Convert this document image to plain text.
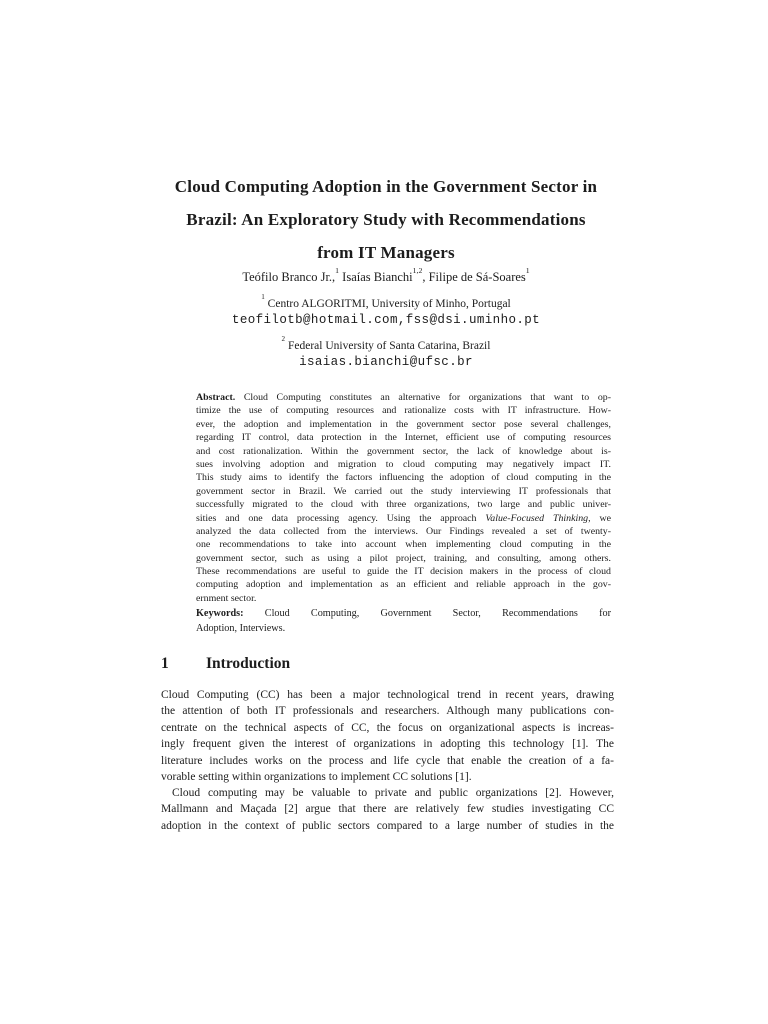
Cloud Computing Adoption in the Government Sector in
Brazil: An Exploratory Study with Recommendations
from IT Managers
Teófilo Branco Jr.,$^1$ Isaías Bianchi$^{1,2}$, Filipe de Sá-Soares$^1$
$^1$ Centro ALGORITMI, University of Minho, Portugal
teofilotb@hotmail.com,fss@dsi.uminho.pt
$^2$ Federal University of Santa Catarina, Brazil
isaias.bianchi@ufsc.br
Abstract. Cloud Computing constitutes an alternative for organizations that want to op-
timize the use of computing resources and rationalize costs with IT infrastructure. How-
ever, the adoption and implementation in the government sector pose several challenges,
regarding IT control, data protection in the Internet, efficient use of computing resources
and cost rationalization. Within the government sector, the lack of knowledge about is-
sues involving adoption and migration to cloud computing may negatively impact IT.
This study aims to identify the factors influencing the adoption of cloud computing in the
government sector in Brazil. We carried out the study interviewing IT professionals that
successfully migrated to the cloud with three organizations, two large and public univer-
sities and one data processing agency. Using the approach Value-Focused Thinking, we
analyzed the data collected from the interviews. Our Findings revealed a set of twenty-
one recommendations to take into account when implementing cloud computing in the
government sector, such as using a pilot project, training, and consulting, among others.
These recommendations are useful to guide the IT decision makers in the process of cloud
computing adoption and implementation as an efficient and reliable approach in the gov-
ernment sector.
Keywords: Cloud Computing, Government Sector, Recommendations for
Adoption, Interviews.
1 Introduction
Cloud Computing (CC) has been a major technological trend in recent years, drawing
the attention of both IT professionals and researchers. Although many publications con-
centrate on the technical aspects of CC, the focus on organizational aspects is increas-
ingly frequent given the interest of organizations in adopting this technology [1]. The
literature includes works on the process and life cycle that enable the creation of a fa-
vorable setting within organizations to implement CC solutions [1].
Cloud computing may be valuable to private and public organizations [2]. However,
Mallmann and Maçada [2] argue that there are relatively few studies investigating CC
adoption in the context of public sectors compared to a large number of studies in the
